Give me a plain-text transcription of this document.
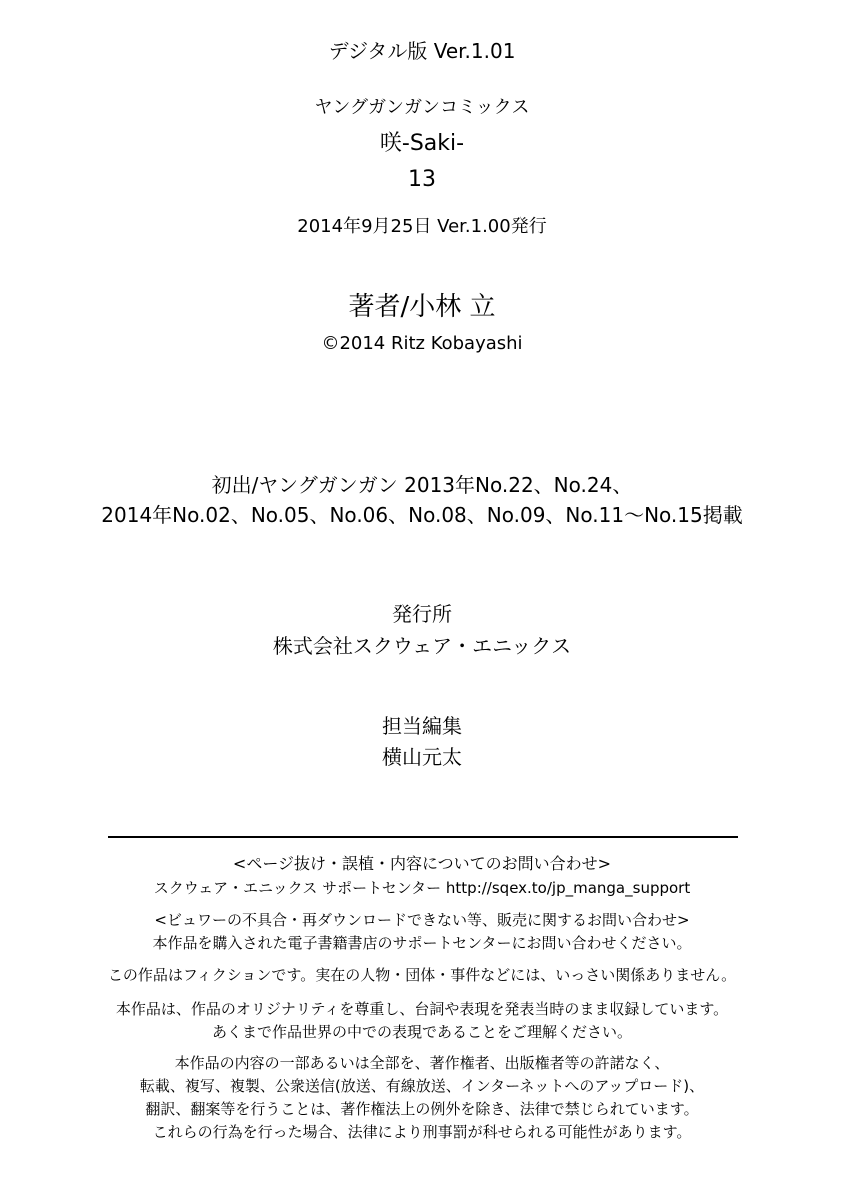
デジタル版 Ver.1.01
ヤングガンガンコミックス
咲-Saki-
13
2014年9月25日 Ver.1.00発行
著者/小林 立
©2014 Ritz Kobayashi
初出/ヤングガンガン 2013年No.22、No.24、
2014年No.02、No.05、No.06、No.08、No.09、No.11〜No.15掲載
発行所
株式会社スクウェア・エニックス
担当編集
横山元太
<ページ抜け・誤植・内容についてのお問い合わせ>
スクウェア・エニックス サポートセンター http://sqex.to/jp_manga_support
<ビュワーの不具合・再ダウンロードできない等、販売に関するお問い合わせ>
本作品を購入された電子書籍書店のサポートセンターにお問い合わせください。
この作品はフィクションです。実在の人物・団体・事件などには、いっさい関係ありません。
本作品は、作品のオリジナリティを尊重し、台詞や表現を発表当時のまま収録しています。
あくまで作品世界の中での表現であることをご理解ください。
本作品の内容の一部あるいは全部を、著作権者、出版権者等の許諾なく、
転載、複写、複製、公衆送信(放送、有線放送、インターネットへのアップロード)、
翻訳、翻案等を行うことは、著作権法上の例外を除き、法律で禁じられています。
これらの行為を行った場合、法律により刑事罰が科せられる可能性があります。
